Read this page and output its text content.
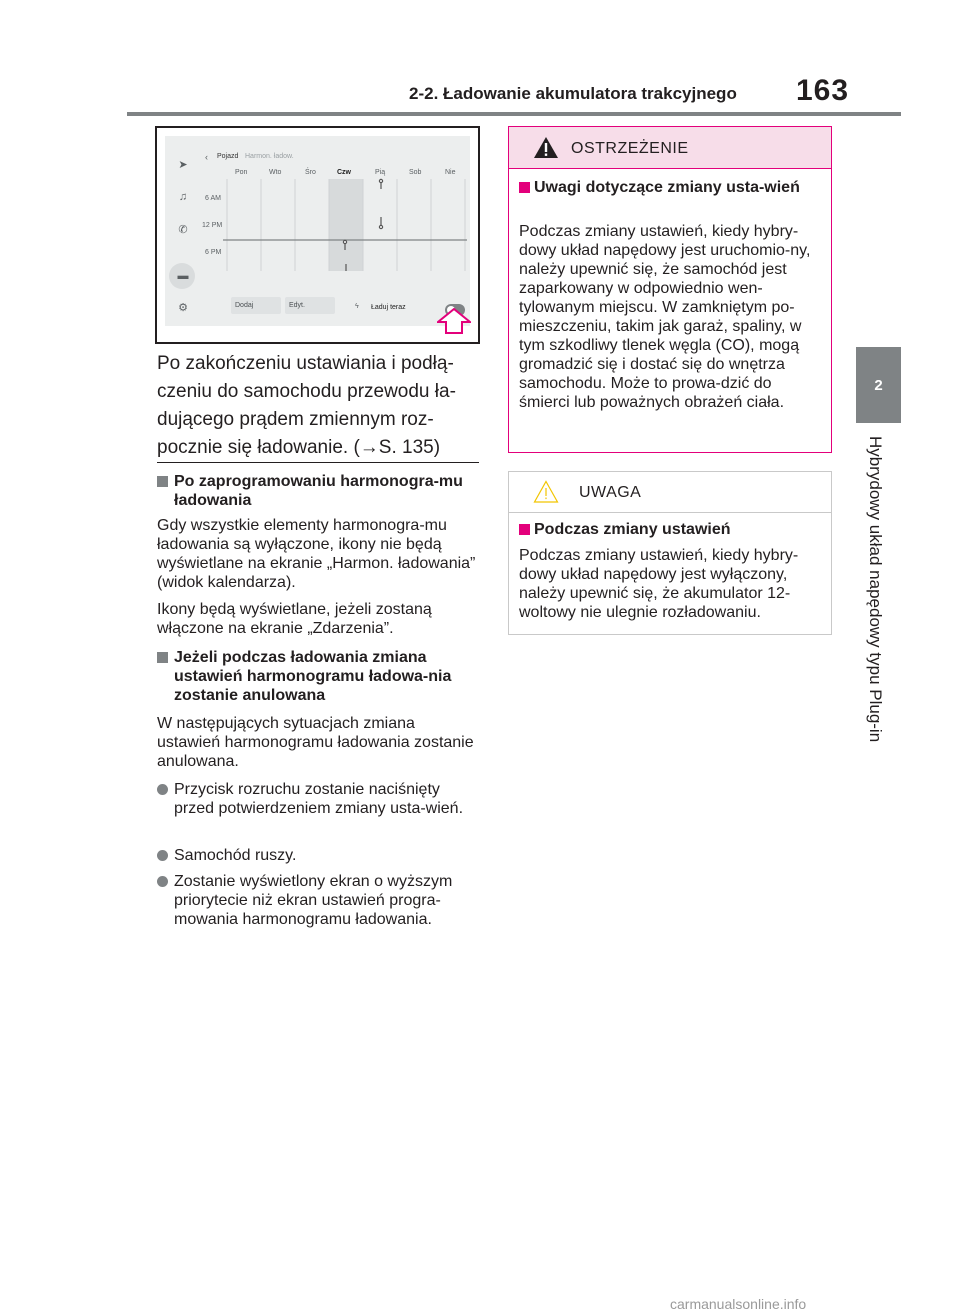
2-2. Ładowanie akumulatora trakcyjnego	163
2
Hybrydowy układ napędowy typu Plug-in
➤
♫
✆
▬
⚙
‹ Pojazd Harmon. ładow.
Pon	Wto	Śro	Czw	Pią	Sob	Nie
6 AM
12 PM
6 PM
Dodaj	Edyt.	ϟ Ładuj teraz
Po zakończeniu ustawiania i podłą-czeniu do samochodu przewodu ła-dującego prądem zmiennym roz-pocznie się ładowanie. (→S. 135)
Po zaprogramowaniu harmonogra-mu ładowania
Gdy wszystkie elementy harmonogra-mu ładowania są wyłączone, ikony nie będą wyświetlane na ekranie „Harmon. ładowania” (widok kalendarza).
Ikony będą wyświetlane, jeżeli zostaną włączone na ekranie „Zdarzenia”.
Jeżeli podczas ładowania zmiana ustawień harmonogramu ładowa-nia zostanie anulowana
W następujących sytuacjach zmiana ustawień harmonogramu ładowania zostanie anulowana.
Przycisk rozruchu zostanie naciśnięty przed potwierdzeniem zmiany usta-wień.
Samochód ruszy.
Zostanie wyświetlony ekran o wyższym priorytecie niż ekran ustawień progra-mowania harmonogramu ładowania.
OSTRZEŻENIE
Uwagi dotyczące zmiany usta-wień
Podczas zmiany ustawień, kiedy hybry-dowy układ napędowy jest uruchomio-ny, należy upewnić się, że samochód jest zaparkowany w odpowiednio wen-tylowanym miejscu. W zamkniętym po-mieszczeniu, takim jak garaż, spaliny, w tym szkodliwy tlenek węgla (CO), mogą gromadzić się i dostać się do wnętrza samochodu. Może to prowa-dzić do śmierci lub poważnych obrażeń ciała.
UWAGA
Podczas zmiany ustawień
Podczas zmiany ustawień, kiedy hybry-dowy układ napędowy jest wyłączony, należy upewnić się, że akumulator 12-woltowy nie ulegnie rozładowaniu.
carmanualsonline.info
